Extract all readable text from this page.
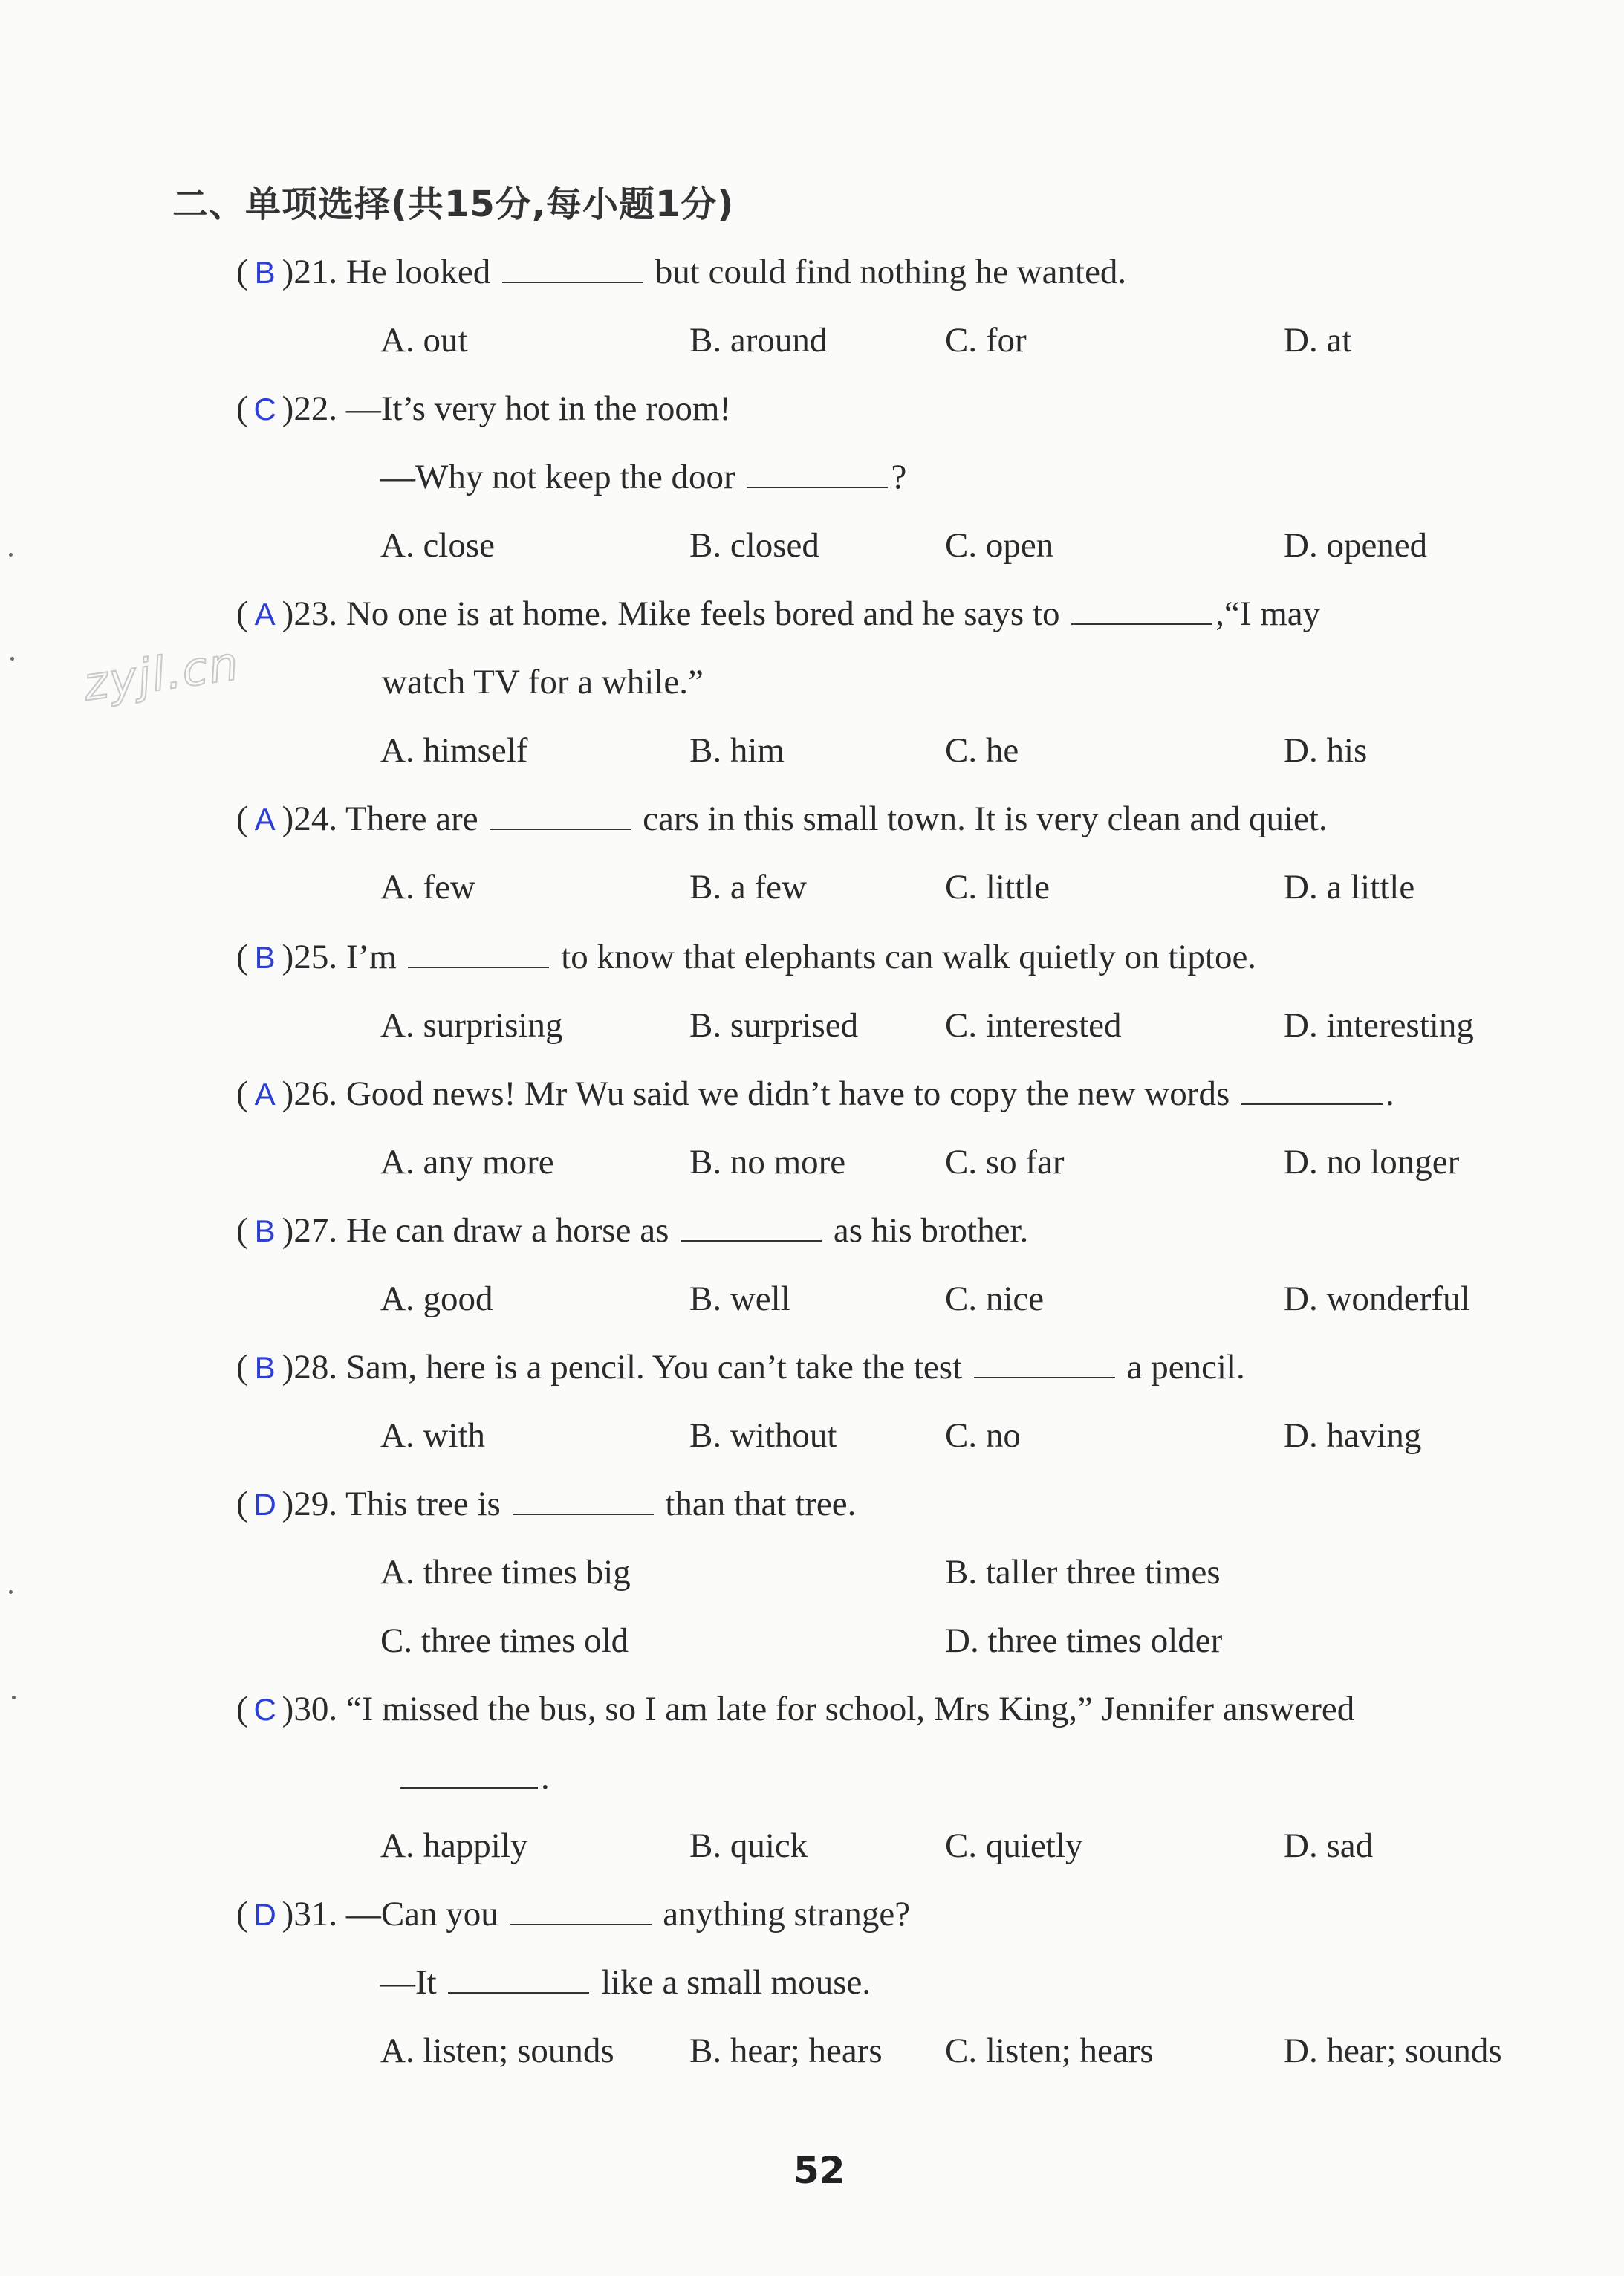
二、单项选择(共15分,每小题1分)
zyjl.cn
( B )21. He looked	but could find nothing he wanted.
A. out	B. around	C. for	D. at
( C )22. —It’s very hot in the room!
—Why not keep the door	?
A. close	B. closed	C. open	D. opened
( A )23. No one is at home. Mike feels bored and he says to	,“I may
watch TV for a while.”
A. himself	B. him	C. he	D. his
( A )24. There are	cars in this small town. It is very clean and quiet.
A. few	B. a few	C. little	D. a little
( B )25. I’m	to know that elephants can walk quietly on tiptoe.
A. surprising	B. surprised C. interested	D. interesting
( A )26. Good news! Mr Wu said we didn’t have to copy the new words	.
A. any more	B. no more	C. so far	D. no longer
( B )27. He can draw a horse as	as his brother.
A. good	B. well	C. nice	D. wonderful
( B )28. Sam, here is a pencil. You can’t take the test	a pencil.
A. with	B. without	C. no	D. having
( D )29. This tree is	than that tree.
A. three times big	B. taller three times
C. three times old	D. three times older
( C )30. “I missed the bus, so I am late for school, Mrs King,” Jennifer answered
.
A. happily	B. quick	C. quietly	D. sad
( D )31. —Can you	anything strange?
—It	like a small mouse.
A. listen; sounds B. hear; hears C. listen; hears	D. hear; sounds
52
